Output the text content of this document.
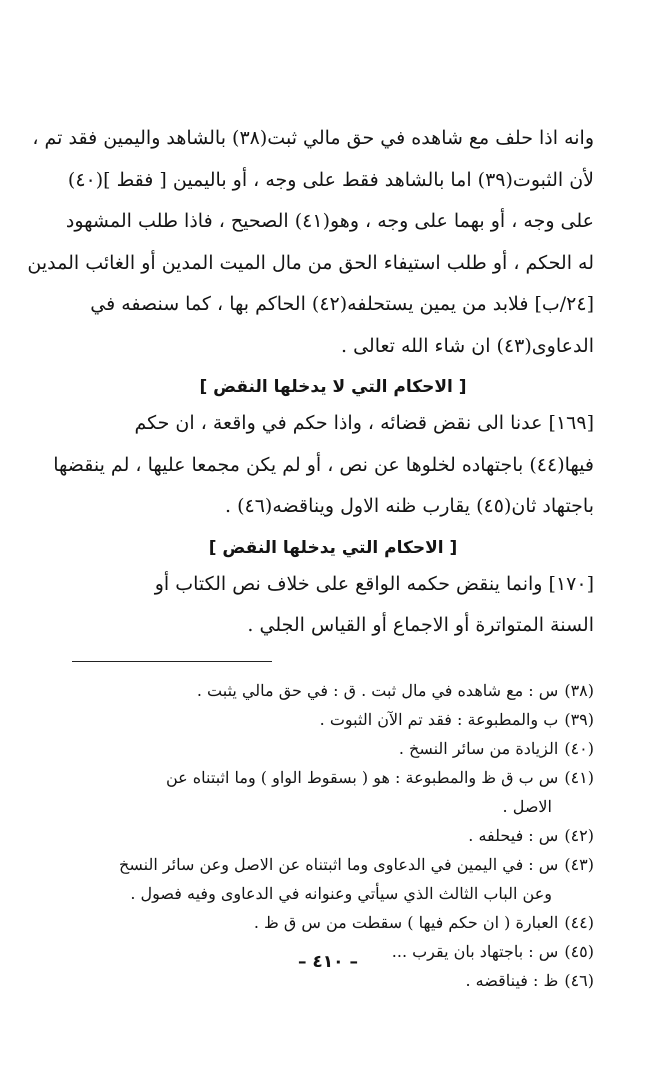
وانه اذا حلف مع شاهده في حق مالي ثبت(٣٨) بالشاهد واليمين فقد تم ،
لأن الثبوت(٣٩) اما بالشاهد فقط على وجه ، أو باليمين [ فقط ](٤٠)
على وجه ، أو بهما على وجه ، وهو(٤١) الصحيح ، فاذا طلب المشهود
له الحكم ، أو طلب استيفاء الحق من مال الميت المدين أو الغائب المدين
[٢٤/ب] فلابد من يمين يستحلفه(٤٢) الحاكم بها ، كما سنصفه في
الدعاوى(٤٣) ان شاء الله تعالى .
[ الاحكام التي لا يدخلها النقض ]
[١٦٩] عدنا الى نقض قضائه ، واذا حكم في واقعة ، ان حكم
فيها(٤٤) باجتهاده لخلوها عن نص ، أو لم يكن مجمعا عليها ، لم ينقضها
باجتهاد ثان(٤٥) يقارب ظنه الاول ويناقضه(٤٦) .
[ الاحكام التي يدخلها النقض ]
[١٧٠] وانما ينقض حكمه الواقع على خلاف نص الكتاب أو
السنة المتواترة أو الاجماع أو القياس الجلي .
(٣٨)س : مع شاهده في مال ثبت . ق : في حق مالي يثبت .
(٣٩)ب والمطبوعة : فقد تم الآن الثبوت .
(٤٠)الزيادة من سائر النسخ .
(٤١)س ب ق ظ والمطبوعة : هو ( بسقوط الواو ) وما اثبتناه عن
الاصل .
(٤٢)س : فيحلفه .
(٤٣)س : في اليمين في الدعاوى وما اثبتناه عن الاصل وعن سائر النسخ
وعن الباب الثالث الذي سيأتي وعنوانه في الدعاوى وفيه فصول .
(٤٤)العبارة ( ان حكم فيها ) سقطت من س ق ظ .
(٤٥)س : باجتهاد بان يقرب ...
(٤٦)ظ : فيناقضه .
– ٤١٠ –
